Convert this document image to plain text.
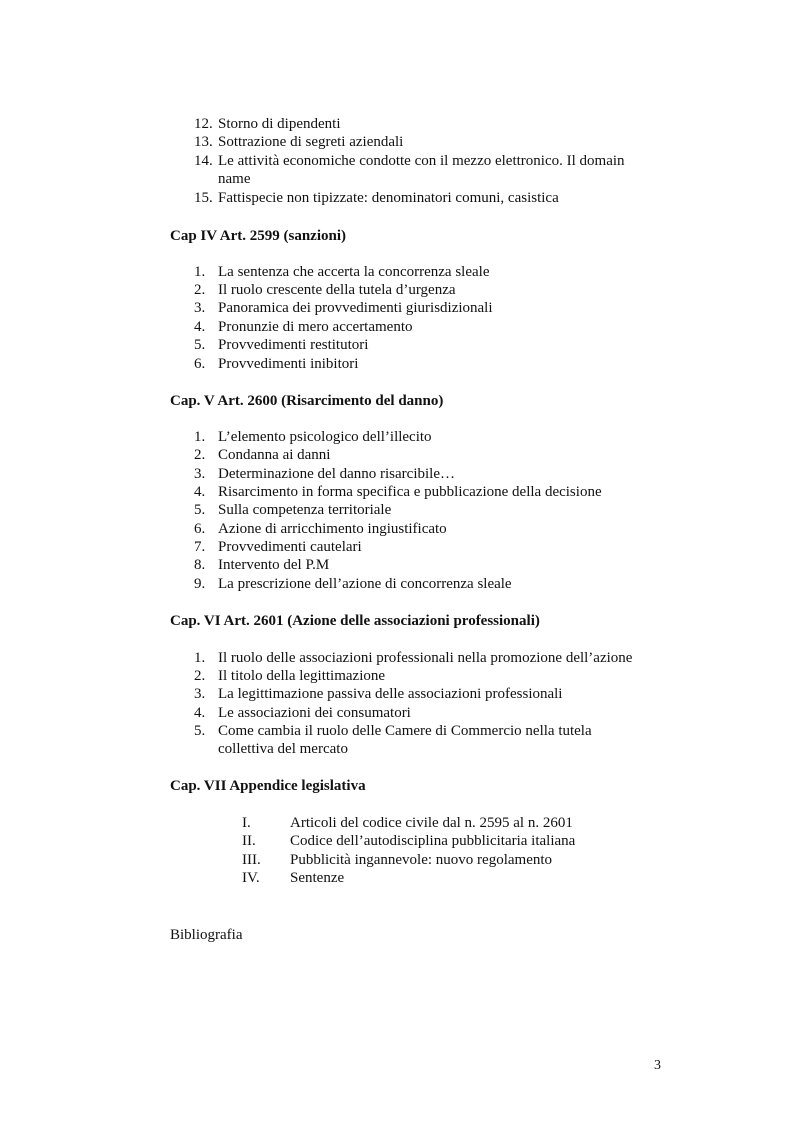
12. Storno di dipendenti
13. Sottrazione di segreti aziendali
14. Le attività economiche condotte con il mezzo elettronico. Il domain
name
15. Fattispecie non tipizzate: denominatori comuni, casistica
Cap IV Art. 2599 (sanzioni)
1. La sentenza che accerta la concorrenza sleale
2. Il ruolo crescente della tutela d’urgenza
3. Panoramica dei provvedimenti giurisdizionali
4. Pronunzie di mero accertamento
5. Provvedimenti restitutori
6. Provvedimenti inibitori
Cap. V Art. 2600 (Risarcimento del danno)
1. L’elemento psicologico dell’illecito
2. Condanna ai danni
3. Determinazione del danno risarcibile…
4. Risarcimento in forma specifica e pubblicazione della decisione
5. Sulla competenza territoriale
6. Azione di arricchimento ingiustificato
7. Provvedimenti cautelari
8. Intervento del P.M
9. La prescrizione dell’azione di concorrenza sleale
Cap. VI Art. 2601 (Azione delle associazioni professionali)
1. Il ruolo delle associazioni professionali nella promozione dell’azione
2. Il titolo della legittimazione
3. La legittimazione passiva delle associazioni professionali
4. Le associazioni dei consumatori
5. Come cambia il ruolo delle Camere di Commercio nella tutela
collettiva del mercato
Cap. VII Appendice legislativa
I.	Articoli del codice civile dal n. 2595 al n. 2601
II. Codice dell’autodisciplina pubblicitaria italiana
III. Pubblicità ingannevole: nuovo regolamento
IV. Sentenze
Bibliografia
3
